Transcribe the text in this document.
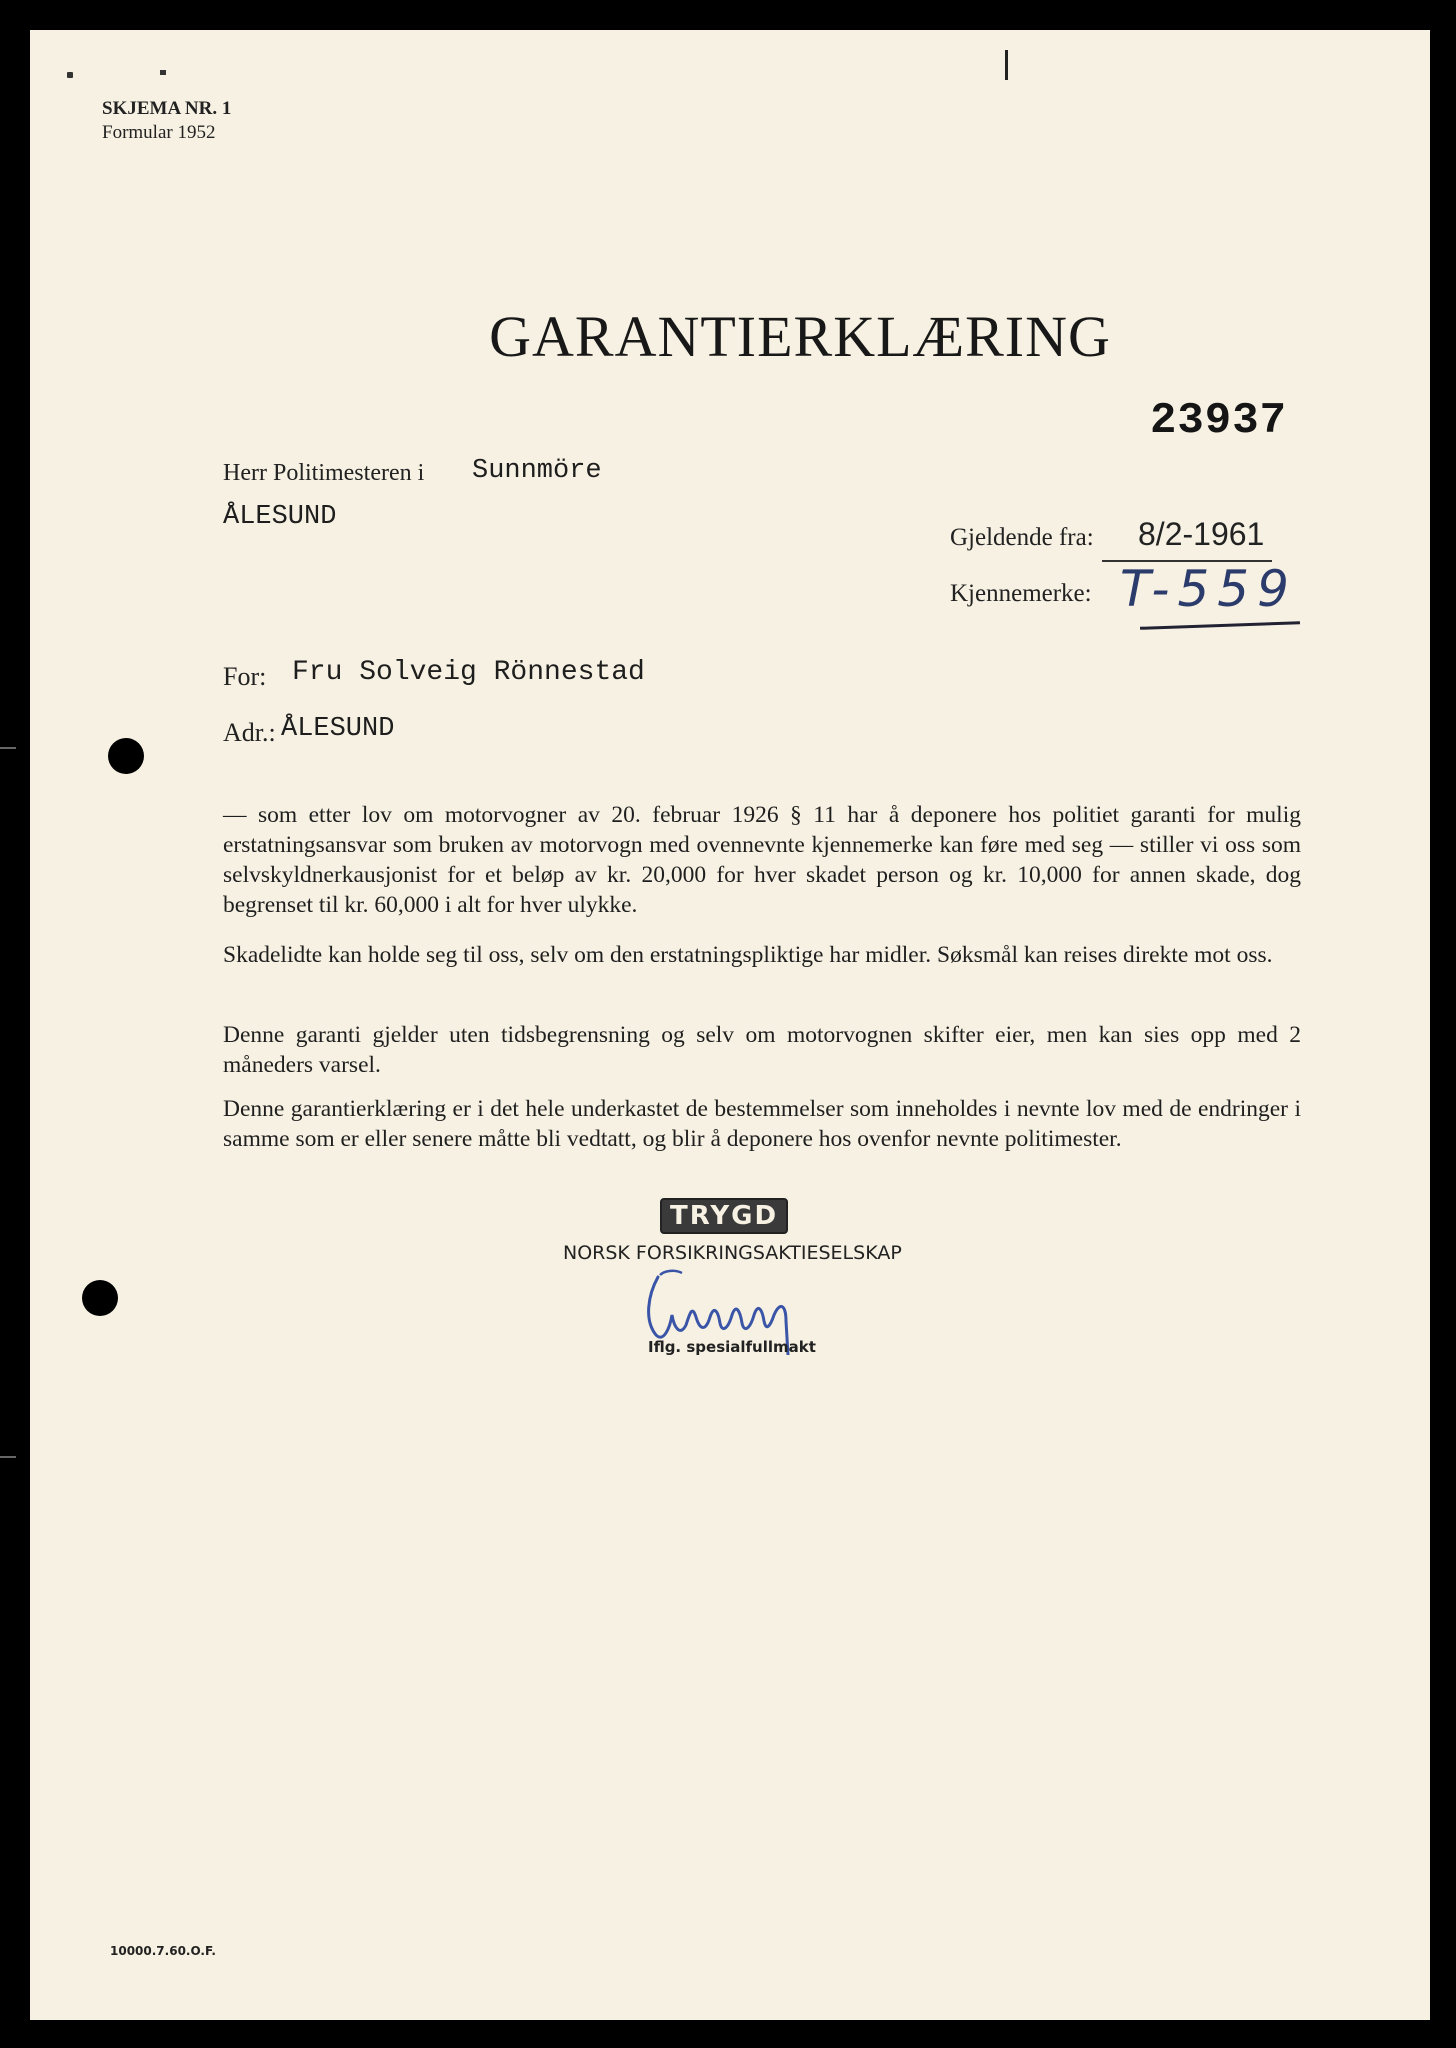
SKJEMA NR. 1
Formular 1952
GARANTIERKLÆRING
23937
Herr Politimesteren i Sunnmöre
ÅLESUND
Gjeldende fra: 8/2-1961
Kjennemerke: T-559
For: Fru Solveig Rönnestad
Adr.: ÅLESUND
— som etter lov om motorvogner av 20. februar 1926 § 11 har å deponere hos politiet garanti for mulig erstatningsansvar som bruken av motorvogn med ovennevnte kjennemerke kan føre med seg — stiller vi oss som selvskyldnerkausjonist for et beløp av kr. 20,000 for hver skadet person og kr. 10,000 for annen skade, dog begrenset til kr. 60,000 i alt for hver ulykke.
Skadelidte kan holde seg til oss, selv om den erstatningspliktige har midler. Søksmål kan reises direkte mot oss.
Denne garanti gjelder uten tidsbegrensning og selv om motorvognen skifter eier, men kan sies opp med 2 måneders varsel.
Denne garantierklæring er i det hele underkastet de bestemmelser som inneholdes i nevnte lov med de endringer i samme som er eller senere måtte bli vedtatt, og blir å deponere hos ovenfor nevnte politimester.
TRYGD
NORSK FORSIKRINGSAKTIESELSKAP
Iflg. spesialfullmakt
10000.7.60.O.F.
